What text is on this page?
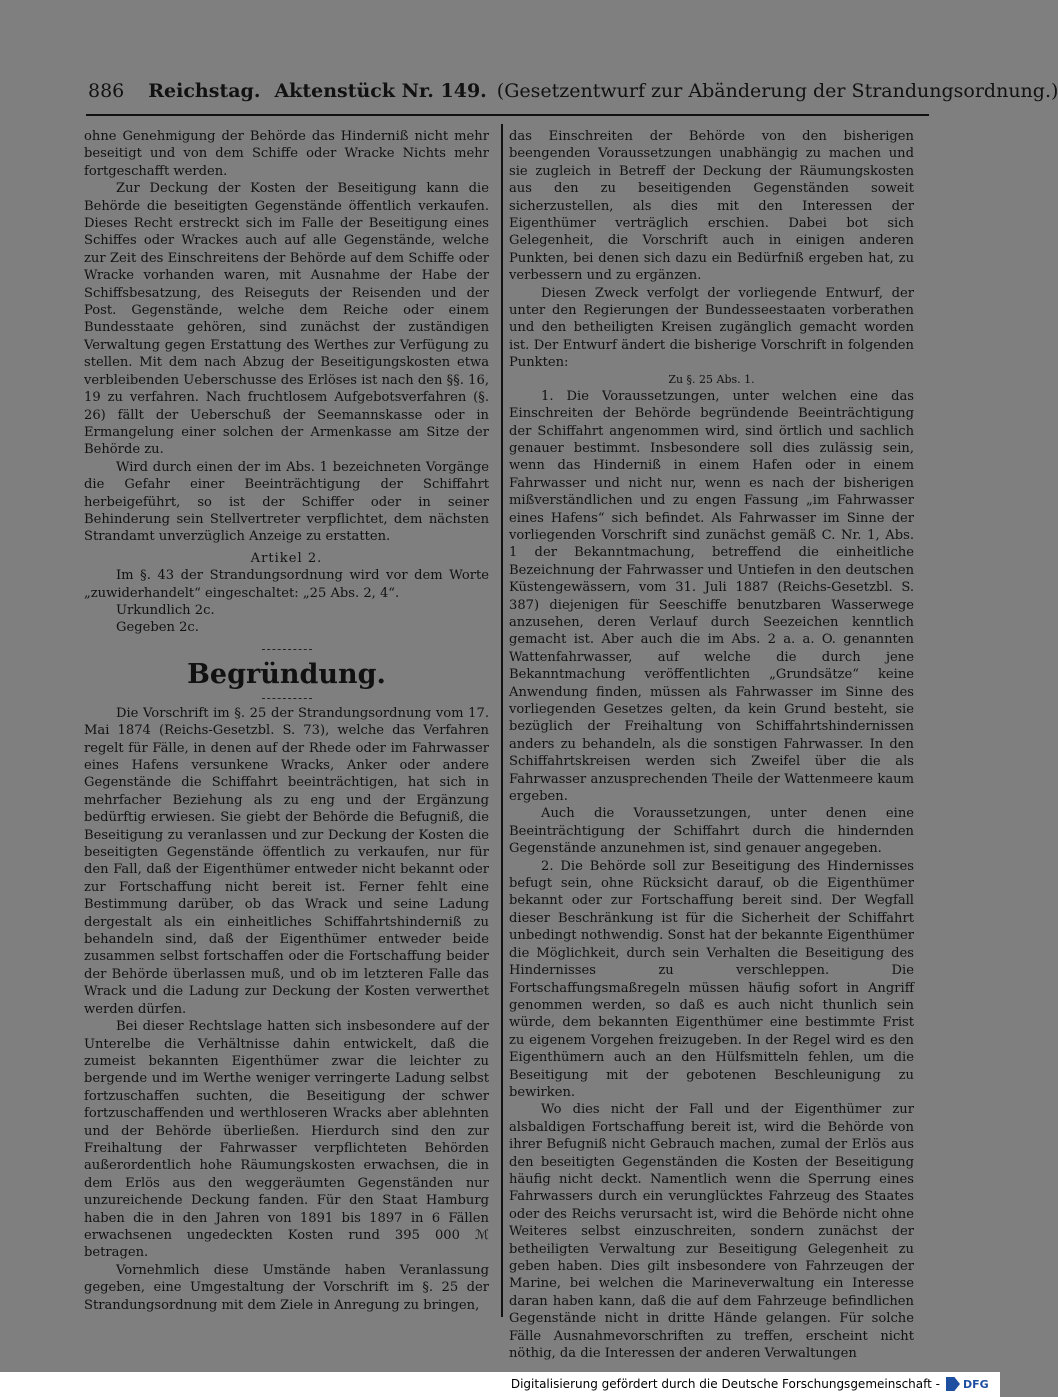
886 Reichstag. Aktenstück Nr. 149. (Gesetzentwurf zur Abänderung der Strandungsordnung.)

ohne Genehmigung der Behörde das Hinderniß nicht mehr beseitigt und von dem Schiffe oder Wracke Nichts mehr fortgeschafft werden.

Zur Deckung der Kosten der Beseitigung kann die Behörde die beseitigten Gegenstände öffentlich verkaufen. Dieses Recht erstreckt sich im Falle der Beseitigung eines Schiffes oder Wrackes auch auf alle Gegenstände, welche zur Zeit des Einschreitens der Behörde auf dem Schiffe oder Wracke vorhanden waren, mit Ausnahme der Habe der Schiffsbesatzung, des Reiseguts der Reisenden und der Post. Gegenstände, welche dem Reiche oder einem Bundesstaate gehören, sind zunächst der zuständigen Verwaltung gegen Erstattung des Werthes zur Verfügung zu stellen. Mit dem nach Abzug der Beseitigungskosten etwa verbleibenden Ueberschusse des Erlöses ist nach den §§. 16, 19 zu verfahren. Nach fruchtlosem Aufgebotsverfahren (§. 26) fällt der Ueberschuß der Seemannskasse oder in Ermangelung einer solchen der Armenkasse am Sitze der Behörde zu.

Wird durch einen der im Abs. 1 bezeichneten Vorgänge die Gefahr einer Beeinträchtigung der Schiffahrt herbeigeführt, so ist der Schiffer oder in seiner Behinderung sein Stellvertreter verpflichtet, dem nächsten Strandamt unverzüglich Anzeige zu erstatten.

Artikel 2.

Im §. 43 der Strandungsordnung wird vor dem Worte „zuwiderhandelt“ eingeschaltet: „25 Abs. 2, 4“.

Urkundlich 2c.

Gegeben 2c.

Begründung.

Die Vorschrift im §. 25 der Strandungsordnung vom 17. Mai 1874 (Reichs-Gesetzbl. S. 73), welche das Verfahren regelt für Fälle, in denen auf der Rhede oder im Fahrwasser eines Hafens versunkene Wracks, Anker oder andere Gegenstände die Schiffahrt beeinträchtigen, hat sich in mehrfacher Beziehung als zu eng und der Ergänzung bedürftig erwiesen. Sie giebt der Behörde die Befugniß, die Beseitigung zu veranlassen und zur Deckung der Kosten die beseitigten Gegenstände öffentlich zu verkaufen, nur für den Fall, daß der Eigenthümer entweder nicht bekannt oder zur Fortschaffung nicht bereit ist. Ferner fehlt eine Bestimmung darüber, ob das Wrack und seine Ladung dergestalt als ein einheitliches Schiffahrtshinderniß zu behandeln sind, daß der Eigenthümer entweder beide zusammen selbst fortschaffen oder die Fortschaffung beider der Behörde überlassen muß, und ob im letzteren Falle das Wrack und die Ladung zur Deckung der Kosten verwerthet werden dürfen.

Bei dieser Rechtslage hatten sich insbesondere auf der Unterelbe die Verhältnisse dahin entwickelt, daß die zumeist bekannten Eigenthümer zwar die leichter zu bergende und im Werthe weniger verringerte Ladung selbst fortzuschaffen suchten, die Beseitigung der schwer fortzuschaffenden und werthloseren Wracks aber ablehnten und der Behörde überließen. Hierdurch sind den zur Freihaltung der Fahrwasser verpflichteten Behörden außerordentlich hohe Räumungskosten erwachsen, die in dem Erlös aus den weggeräumten Gegenständen nur unzureichende Deckung fanden. Für den Staat Hamburg haben die in den Jahren von 1891 bis 1897 in 6 Fällen erwachsenen ungedeckten Kosten rund 395 000 ℳ betragen.

Vornehmlich diese Umstände haben Veranlassung gegeben, eine Umgestaltung der Vorschrift im §. 25 der Strandungsordnung mit dem Ziele in Anregung zu bringen,

das Einschreiten der Behörde von den bisherigen beengenden Voraussetzungen unabhängig zu machen und sie zugleich in Betreff der Deckung der Räumungskosten aus den zu beseitigenden Gegenständen soweit sicherzustellen, als dies mit den Interessen der Eigenthümer verträglich erschien. Dabei bot sich Gelegenheit, die Vorschrift auch in einigen anderen Punkten, bei denen sich dazu ein Bedürfniß ergeben hat, zu verbessern und zu ergänzen.

Diesen Zweck verfolgt der vorliegende Entwurf, der unter den Regierungen der Bundesseestaaten vorberathen und den betheiligten Kreisen zugänglich gemacht worden ist. Der Entwurf ändert die bisherige Vorschrift in folgenden Punkten:

Zu §. 25 Abs. 1.

1. Die Voraussetzungen, unter welchen eine das Einschreiten der Behörde begründende Beeinträchtigung der Schiffahrt angenommen wird, sind örtlich und sachlich genauer bestimmt. Insbesondere soll dies zulässig sein, wenn das Hinderniß in einem Hafen oder in einem Fahrwasser und nicht nur, wenn es nach der bisherigen mißverständlichen und zu engen Fassung „im Fahrwasser eines Hafens“ sich befindet. Als Fahrwasser im Sinne der vorliegenden Vorschrift sind zunächst gemäß C. Nr. 1, Abs. 1 der Bekanntmachung, betreffend die einheitliche Bezeichnung der Fahrwasser und Untiefen in den deutschen Küstengewässern, vom 31. Juli 1887 (Reichs-Gesetzbl. S. 387) diejenigen für Seeschiffe benutzbaren Wasserwege anzusehen, deren Verlauf durch Seezeichen kenntlich gemacht ist. Aber auch die im Abs. 2 a. a. O. genannten Wattenfahrwasser, auf welche die durch jene Bekanntmachung veröffentlichten „Grundsätze“ keine Anwendung finden, müssen als Fahrwasser im Sinne des vorliegenden Gesetzes gelten, da kein Grund besteht, sie bezüglich der Freihaltung von Schiffahrtshindernissen anders zu behandeln, als die sonstigen Fahrwasser. In den Schiffahrtskreisen werden sich Zweifel über die als Fahrwasser anzusprechenden Theile der Wattenmeere kaum ergeben.

Auch die Voraussetzungen, unter denen eine Beeinträchtigung der Schiffahrt durch die hindernden Gegenstände anzunehmen ist, sind genauer angegeben.

2. Die Behörde soll zur Beseitigung des Hindernisses befugt sein, ohne Rücksicht darauf, ob die Eigenthümer bekannt oder zur Fortschaffung bereit sind. Der Wegfall dieser Beschränkung ist für die Sicherheit der Schiffahrt unbedingt nothwendig. Sonst hat der bekannte Eigenthümer die Möglichkeit, durch sein Verhalten die Beseitigung des Hindernisses zu verschleppen. Die Fortschaffungsmaßregeln müssen häufig sofort in Angriff genommen werden, so daß es auch nicht thunlich sein würde, dem bekannten Eigenthümer eine bestimmte Frist zu eigenem Vorgehen freizugeben. In der Regel wird es den Eigenthümern auch an den Hülfsmitteln fehlen, um die Beseitigung mit der gebotenen Beschleunigung zu bewirken.

Wo dies nicht der Fall und der Eigenthümer zur alsbaldigen Fortschaffung bereit ist, wird die Behörde von ihrer Befugniß nicht Gebrauch machen, zumal der Erlös aus den beseitigten Gegenständen die Kosten der Beseitigung häufig nicht deckt. Namentlich wenn die Sperrung eines Fahrwassers durch ein verunglücktes Fahrzeug des Staates oder des Reichs verursacht ist, wird die Behörde nicht ohne Weiteres selbst einzuschreiten, sondern zunächst der betheiligten Verwaltung zur Beseitigung Gelegenheit zu geben haben. Dies gilt insbesondere von Fahrzeugen der Marine, bei welchen die Marineverwaltung ein Interesse daran haben kann, daß die auf dem Fahrzeuge befindlichen Gegenstände nicht in dritte Hände gelangen. Für solche Fälle Ausnahmevorschriften zu treffen, erscheint nicht nöthig, da die Interessen der anderen Verwaltungen

Digitalisierung gefördert durch die Deutsche Forschungsgemeinschaft - DFG
